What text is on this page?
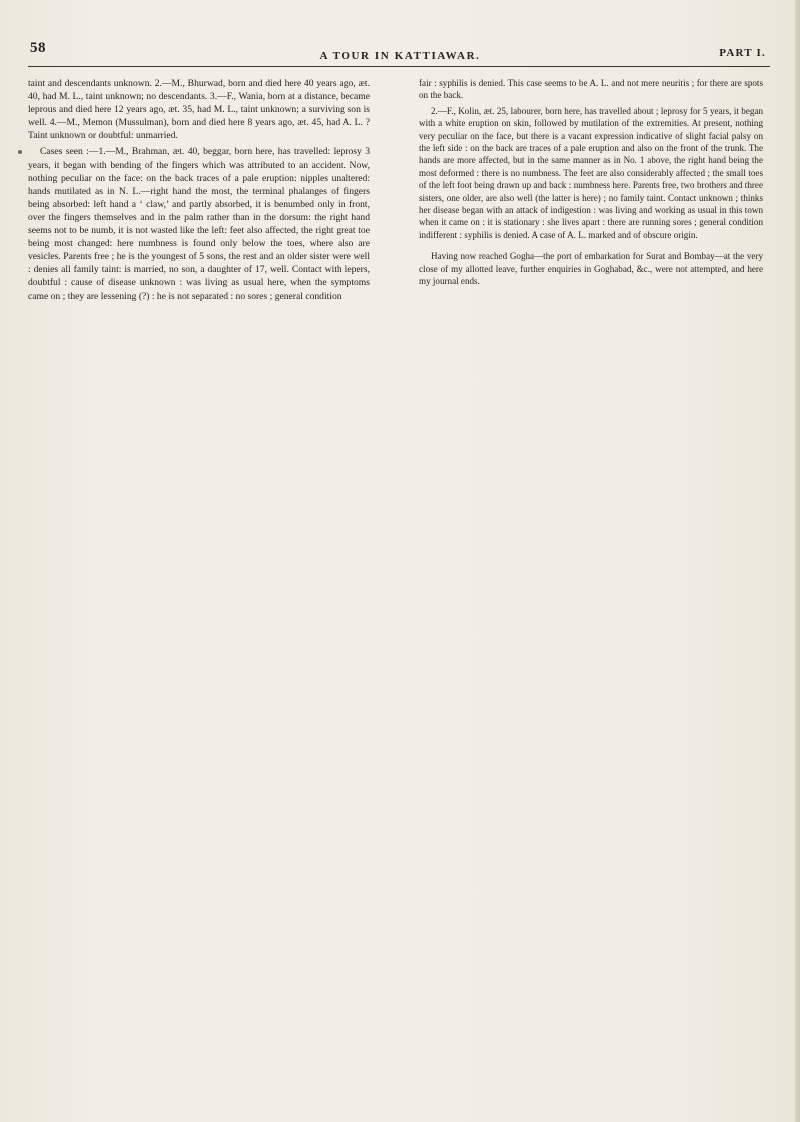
58	A TOUR IN KATTIAWAR.	PART I.

taint and descendants unknown. 2.—M., Bhurwad, born and died here 40 years ago, æt. 40, had M. L., taint unknown; no descendants. 3.—F., Wania, born at a distance, became leprous and died here 12 years ago, æt. 35, had M. L., taint unknown; a surviving son is well. 4.—M., Memon (Mussulman), born and died here 8 years ago, æt. 45, had A. L. ? Taint unknown or doubtful: unmarried.

Cases seen :—1.—M., Brahman, æt. 40, beggar, born here, has travelled: leprosy 3 years, it began with bending of the fingers which was attributed to an accident. Now, nothing peculiar on the face: on the back traces of a pale eruption: nipples unaltered: hands mutilated as in N. L.—right hand the most, the terminal phalanges of fingers being absorbed: left hand a ‘ claw,’ and partly absorbed, it is benumbed only in front, over the fingers themselves and in the palm rather than in the dorsum: the right hand seems not to be numb, it is not wasted like the left: feet also affected, the right great toe being most changed: here numbness is found only below the toes, where also are vesicles. Parents free ; he is the youngest of 5 sons, the rest and an older sister were well : denies all family taint: is married, no son, a daughter of 17, well. Contact with lepers, doubtful : cause of disease unknown : was living as usual here, when the symptoms came on ; they are lessening (?) : he is not separated : no sores ; general condition

fair : syphilis is denied. This case seems to be A. L. and not mere neuritis ; for there are spots on the back.

2.—F., Kolin, æt. 25, labourer, born here, has travelled about ; leprosy for 5 years, it began with a white eruption on skin, followed by mutilation of the extremities. At present, nothing very peculiar on the face, but there is a vacant expression indicative of slight facial palsy on the left side : on the back are traces of a pale eruption and also on the front of the trunk. The hands are more affected, but in the same manner as in No. 1 above, the right hand being the most deformed : there is no numbness. The feet are also considerably affected ; the small toes of the left foot being drawn up and back : numbness here. Parents free, two brothers and three sisters, one older, are also well (the latter is here) ; no family taint. Contact unknown ; thinks her disease began with an attack of indigestion : was living and working as usual in this town when it came on : it is stationary : she lives apart : there are running sores ; general condition indifferent : syphilis is denied. A case of A. L. marked and of obscure origin.

Having now reached Gogha—the port of embarkation for Surat and Bombay—at the very close of my allotted leave, further enquiries in Goghabad, &c., were not attempted, and here my journal ends.
